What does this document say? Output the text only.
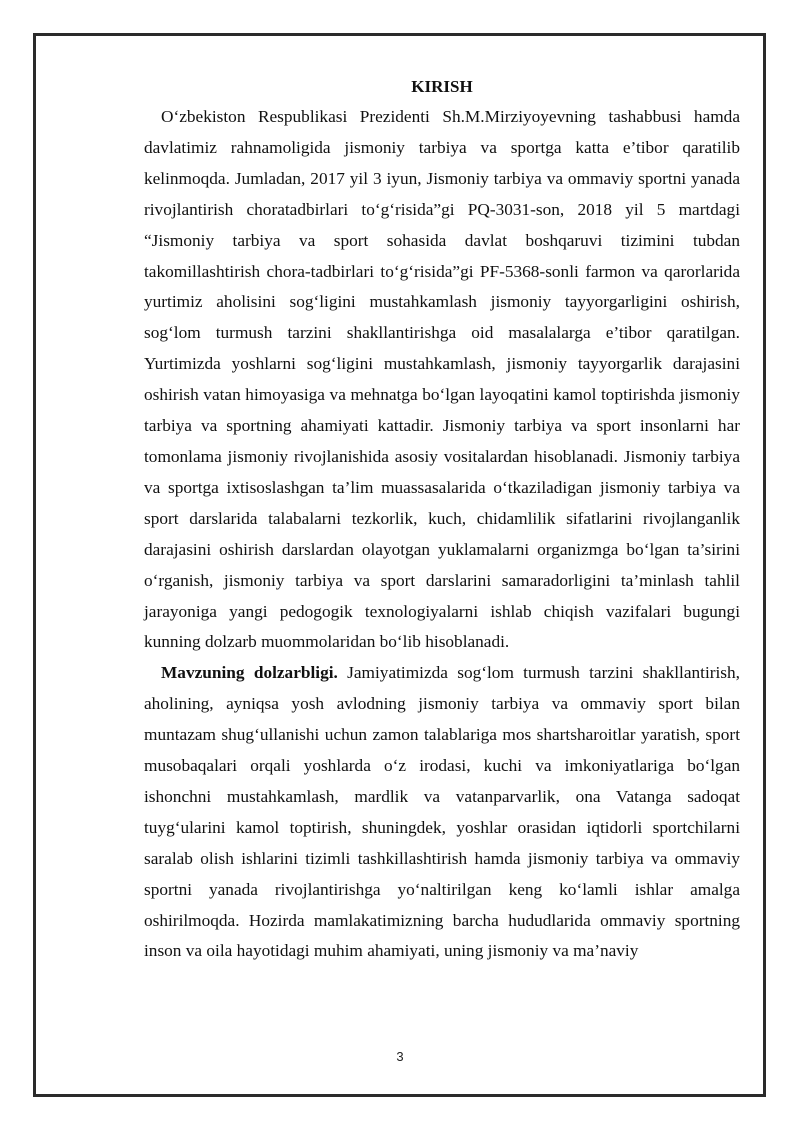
KIRISH

O‘zbekiston Respublikasi Prezidenti Sh.M.Mirziyoyevning tashabbusi hamda davlatimiz rahnamoligida jismoniy tarbiya va sportga katta e’tibor qaratilib kelinmoqda. Jumladan, 2017 yil 3 iyun, Jismoniy tarbiya va ommaviy sportni yanada rivojlantirish choratadbirlari to‘g‘risida”gi PQ-3031-son, 2018 yil 5 martdagi “Jismoniy tarbiya va sport sohasida davlat boshqaruvi tizimini tubdan takomillashtirish chora-tadbirlari to‘g‘risida”gi PF-5368-sonli farmon va qarorlarida yurtimiz aholisini sog‘ligini mustahkamlash jismoniy tayyorgarligini oshirish, sog‘lom turmush tarzini shakllantirishga oid masalalarga e’tibor qaratilgan. Yurtimizda yoshlarni sog‘ligini mustahkamlash, jismoniy tayyorgarlik darajasini oshirish vatan himoyasiga va mehnatga bo‘lgan layoqatini kamol toptirishda jismoniy tarbiya va sportning ahamiyati kattadir. Jismoniy tarbiya va sport insonlarni har tomonlama jismoniy rivojlanishida asosiy vositalardan hisoblanadi. Jismoniy tarbiya va sportga ixtisoslashgan ta’lim muassasalarida o‘tkaziladigan jismoniy tarbiya va sport darslarida talabalarni tezkorlik, kuch, chidamlilik sifatlarini rivojlanganlik darajasini oshirish darslardan olayotgan yuklamalarni organizmga bo‘lgan ta’sirini o‘rganish, jismoniy tarbiya va sport darslarini samaradorligini ta’minlash tahlil jarayoniga yangi pedogogik texnologiyalarni ishlab chiqish vazifalari bugungi kunning dolzarb muommolaridan bo‘lib hisoblanadi.

Mavzuning dolzarbligi. Jamiyatimizda sog‘lom turmush tarzini shakllantirish, aholining, ayniqsa yosh avlodning jismoniy tarbiya va ommaviy sport bilan muntazam shug‘ullanishi uchun zamon talablariga mos shartsharoitlar yaratish, sport musobaqalari orqali yoshlarda o‘z irodasi, kuchi va imkoniyatlariga bo‘lgan ishonchni mustahkamlash, mardlik va vatanparvarlik, ona Vatanga sadoqat tuyg‘ularini kamol toptirish, shuningdek, yoshlar orasidan iqtidorli sportchilarni saralab olish ishlarini tizimli tashkillashtirish hamda jismoniy tarbiya va ommaviy sportni yanada rivojlantirishga yo‘naltirilgan keng ko‘lamli ishlar amalga oshirilmoqda. Hozirda mamlakatimizning barcha hududlarida ommaviy sportning inson va oila hayotidagi muhim ahamiyati, uning jismoniy va ma’naviy

3
